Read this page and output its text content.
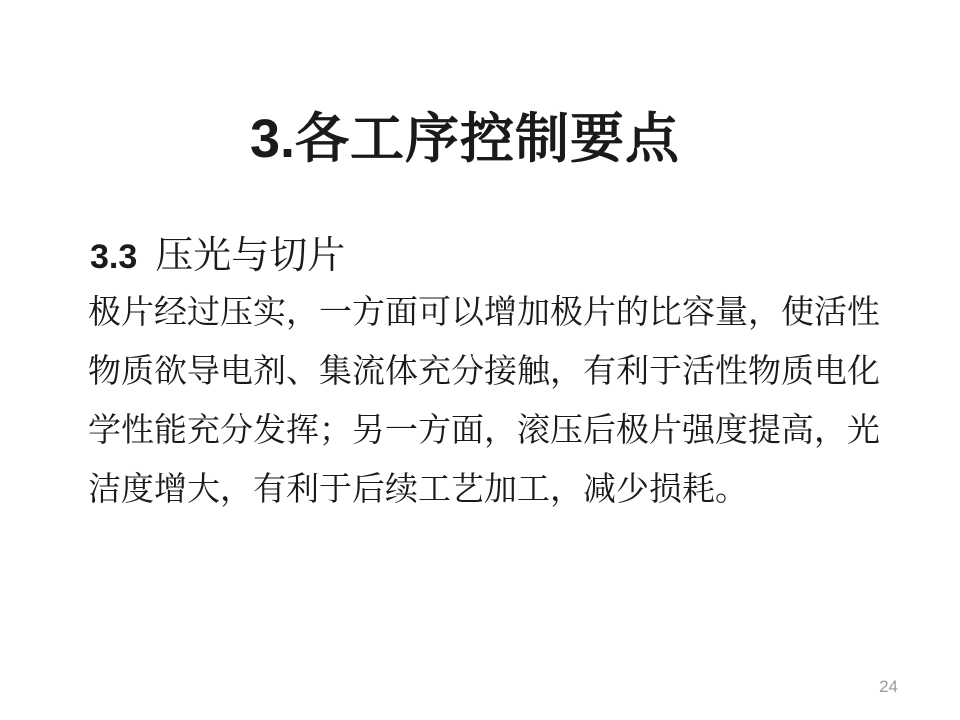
3.各工序控制要点
3.3 压光与切片
极片经过压实，一方面可以增加极片的比容量，使活性
物质欲导电剂、集流体充分接触，有利于活性物质电化
学性能充分发挥；另一方面，滚压后极片强度提高，光
洁度增大，有利于后续工艺加工，减少损耗。
24
